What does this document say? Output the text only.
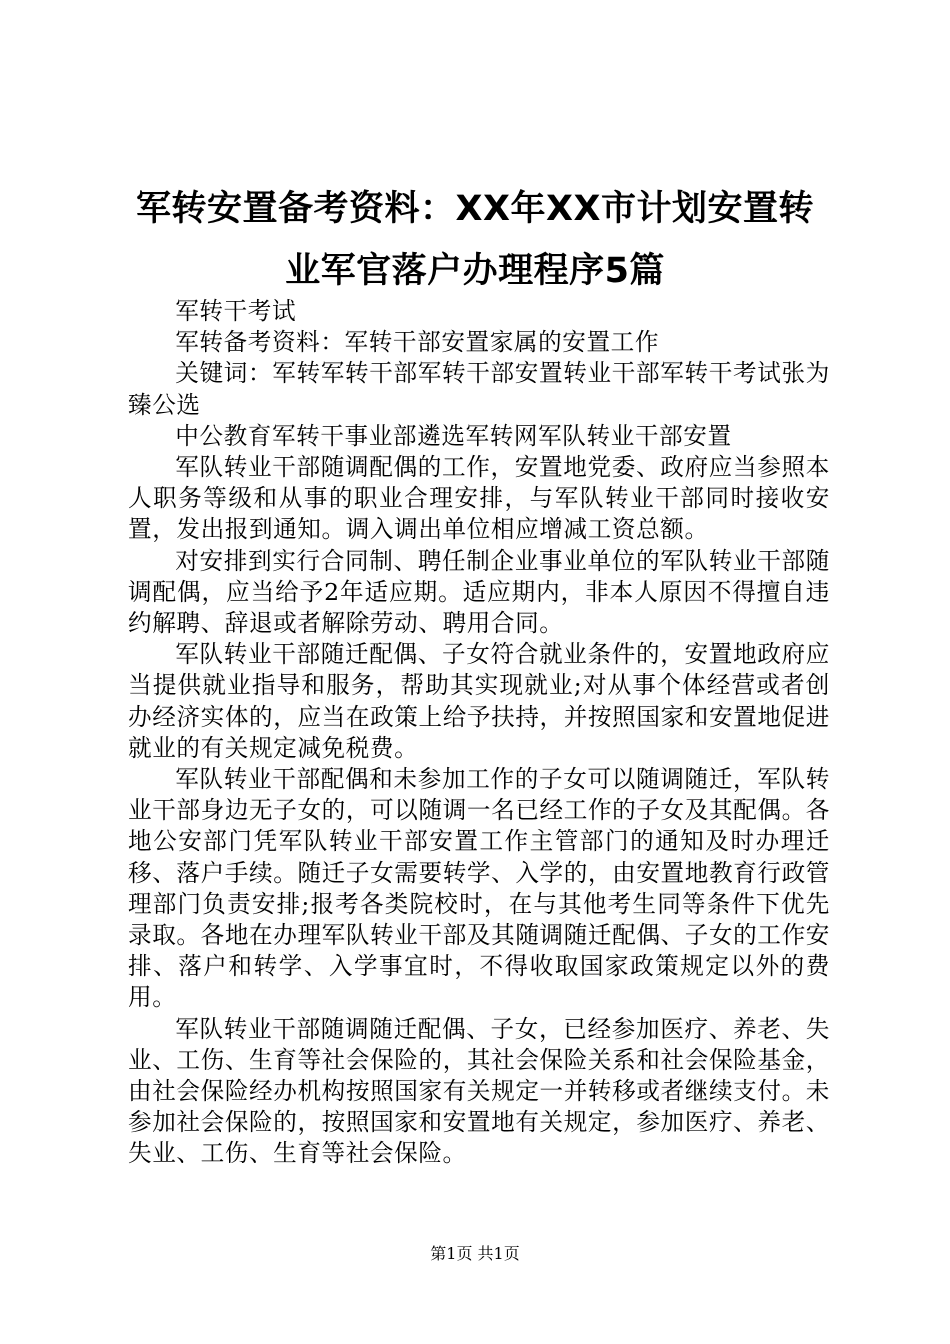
军转安置备考资料：XX年XX市计划安置转业军官落户办理程序5篇

军转干考试

军转备考资料：军转干部安置家属的安置工作

关键词：军转军转干部军转干部安置转业干部军转干考试张为臻公选

中公教育军转干事业部遴选军转网军队转业干部安置

军队转业干部随调配偶的工作，安置地党委、政府应当参照本人职务等级和从事的职业合理安排，与军队转业干部同时接收安置，发出报到通知。调入调出单位相应增减工资总额。

对安排到实行合同制、聘任制企业事业单位的军队转业干部随调配偶，应当给予2年适应期。适应期内，非本人原因不得擅自违约解聘、辞退或者解除劳动、聘用合同。

军队转业干部随迁配偶、子女符合就业条件的，安置地政府应当提供就业指导和服务，帮助其实现就业;对从事个体经营或者创办经济实体的，应当在政策上给予扶持，并按照国家和安置地促进就业的有关规定减免税费。

军队转业干部配偶和未参加工作的子女可以随调随迁，军队转业干部身边无子女的，可以随调一名已经工作的子女及其配偶。各地公安部门凭军队转业干部安置工作主管部门的通知及时办理迁移、落户手续。随迁子女需要转学、入学的，由安置地教育行政管理部门负责安排;报考各类院校时，在与其他考生同等条件下优先录取。各地在办理军队转业干部及其随调随迁配偶、子女的工作安排、落户和转学、入学事宜时，不得收取国家政策规定以外的费用。

军队转业干部随调随迁配偶、子女，已经参加医疗、养老、失业、工伤、生育等社会保险的，其社会保险关系和社会保险基金，由社会保险经办机构按照国家有关规定一并转移或者继续支付。未参加社会保险的，按照国家和安置地有关规定，参加医疗、养老、失业、工伤、生育等社会保险。

第1页 共1页
